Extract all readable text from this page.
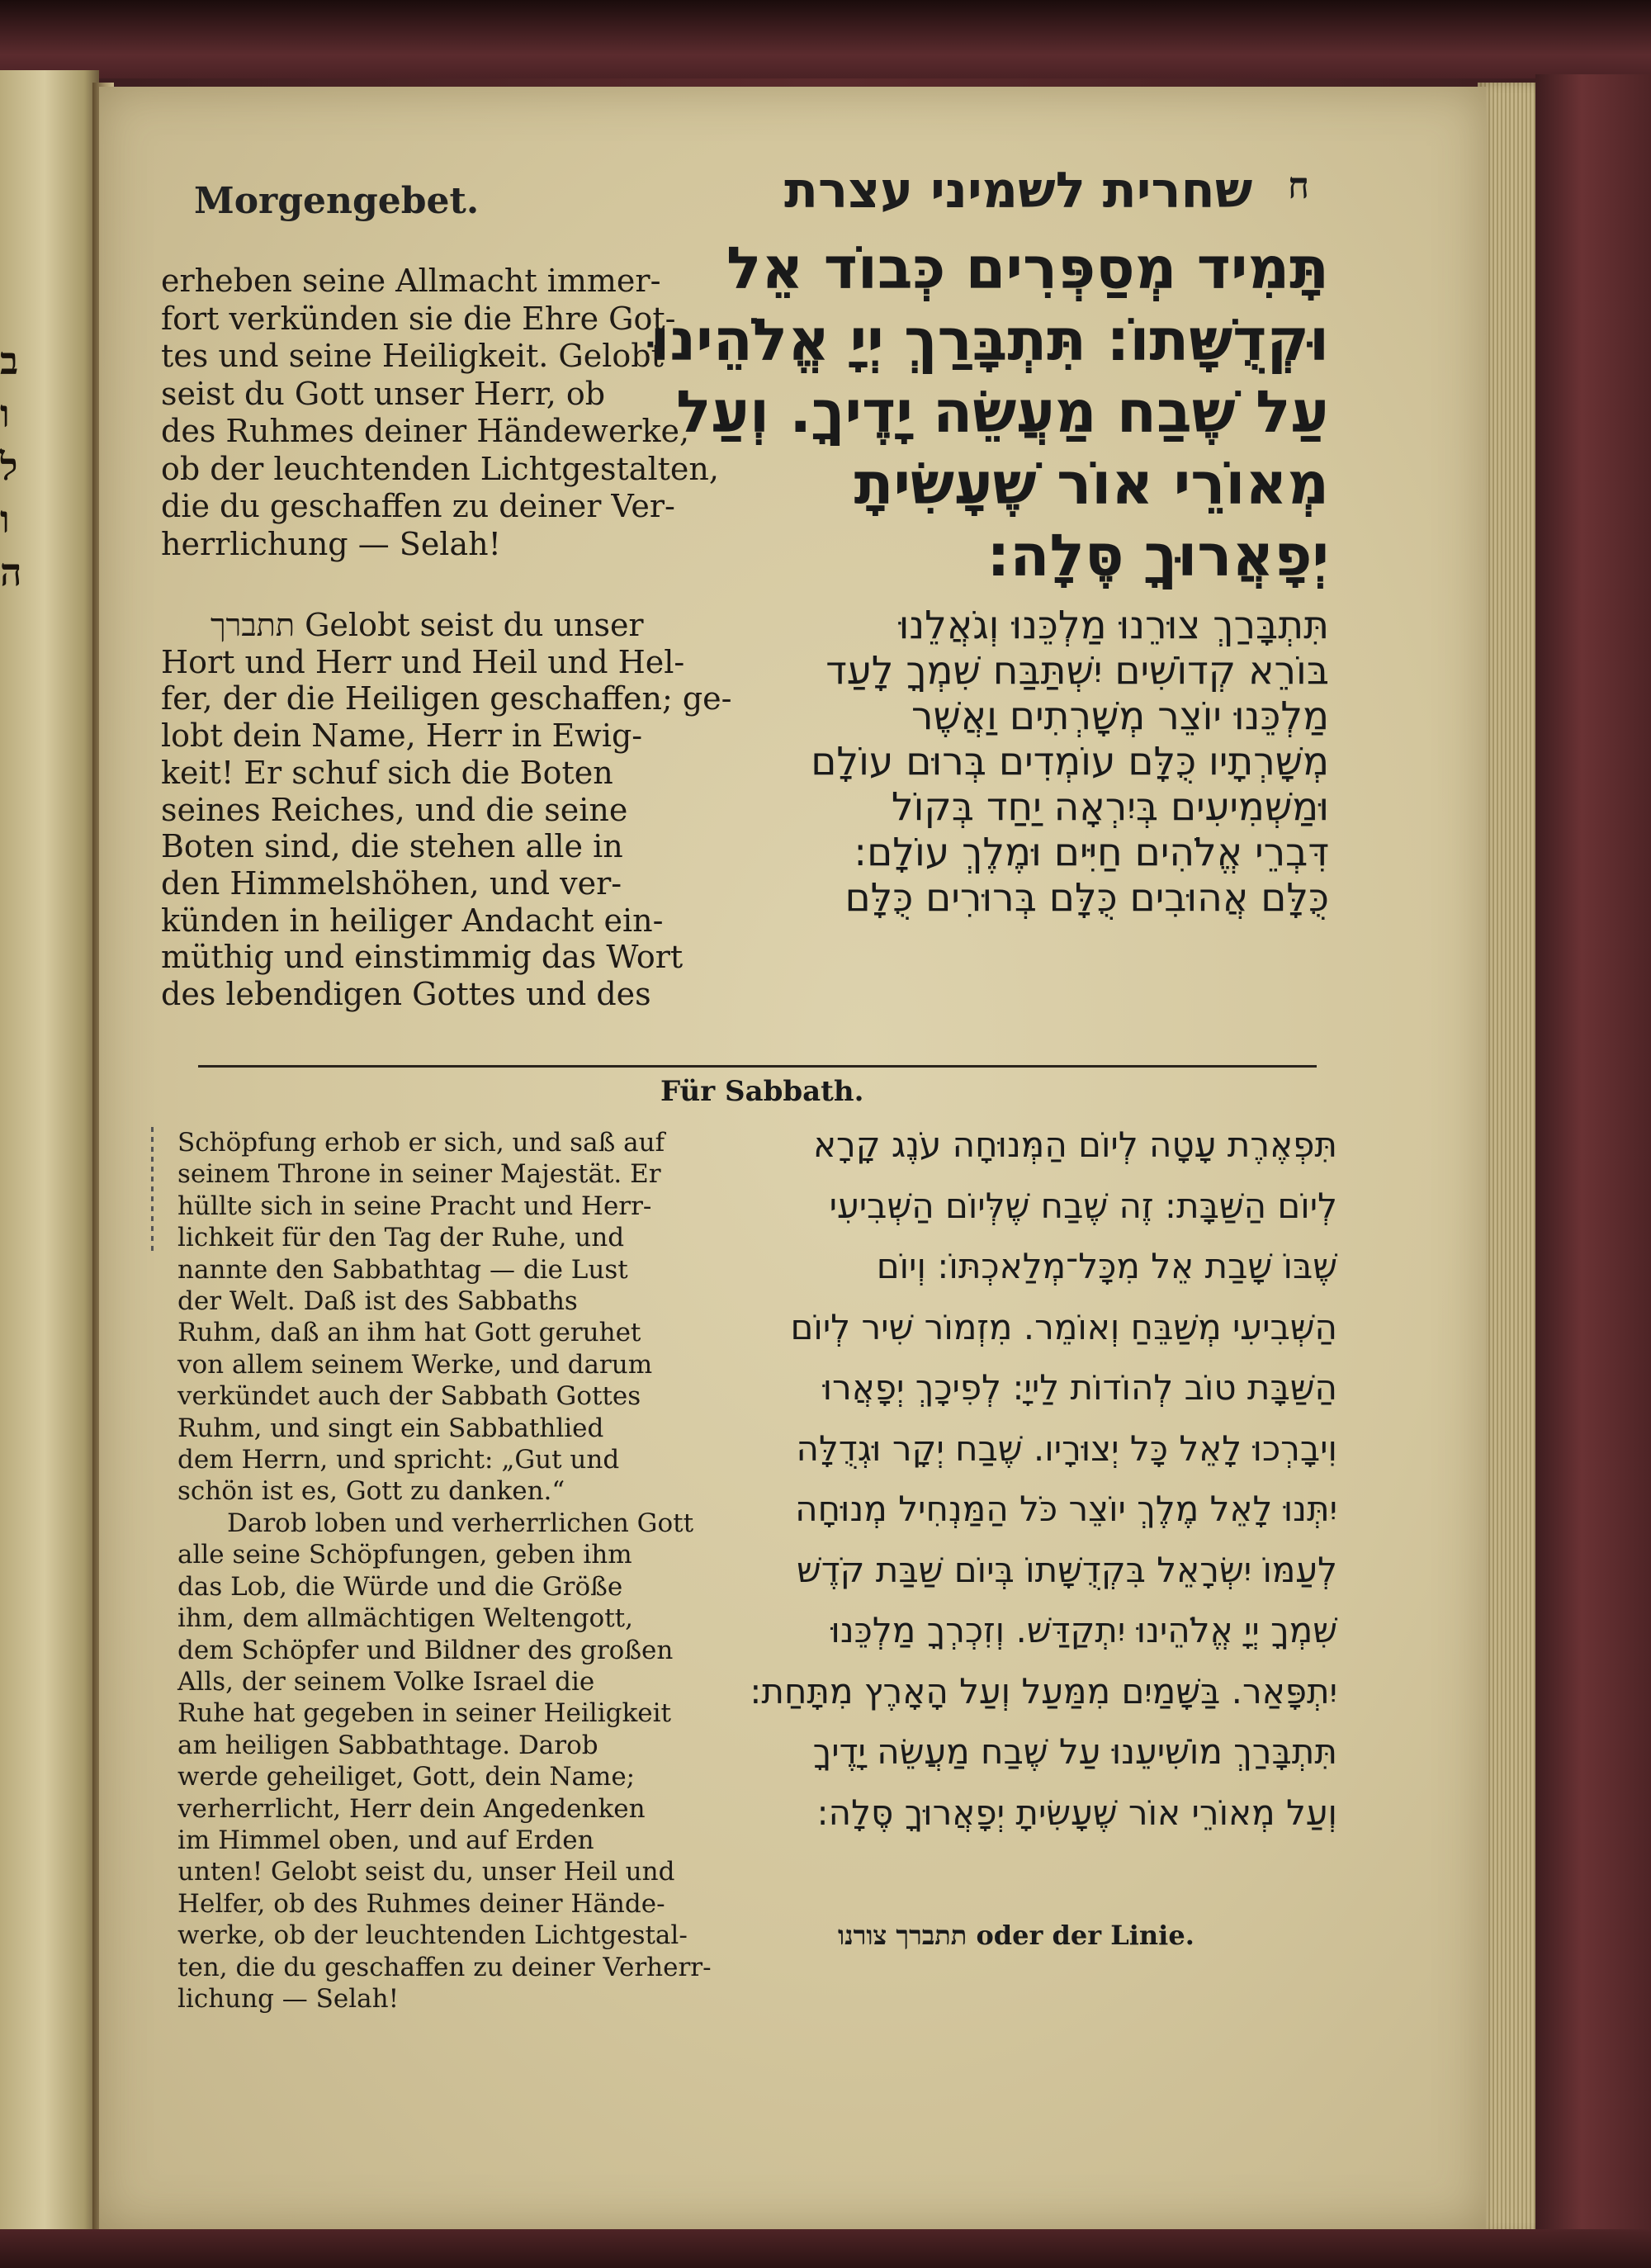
ב
ו
ל
ו
ה
Morgengebet.	שחרית לשמיני עצרת ח
erheben seine Allmacht immer-
fort verkünden sie die Ehre Got-
tes und seine Heiligkeit. Gelobt
seist du Gott unser Herr, ob
des Ruhmes deiner Händewerke,
ob der leuchtenden Lichtgestalten,
die du geschaffen zu deiner Ver-
herrlichung — Selah!
תתברך Gelobt seist du unser
Hort und Herr und Heil und Hel-
fer, der die Heiligen geschaffen; ge-
lobt dein Name, Herr in Ewig-
keit! Er schuf sich die Boten
seines Reiches, und die seine
Boten sind, die stehen alle in
den Himmelshöhen, und ver-
künden in heiliger Andacht ein-
müthig und einstimmig das Wort
des lebendigen Gottes und des
תָּמִיד מְסַפְּרִים כְּבוֹד אֵל
וּקְדֻשָּׁתוֹ: תִּתְבָּרַךְ יְיָ אֱלֹהֵינוּ
עַל שֶׁבַח מַעֲשֵׂה יָדֶיךָ. וְעַל
מְאוֹרֵי אוֹר שֶׁעָשִׂיתָ
יְפָאֲרוּךָ סֶּלָה:
תִּתְבָּרַךְ צוּרֵנוּ מַלְכֵּנוּ וְגֹאֲלֵנוּ
בּוֹרֵא קְדוֹשִׁים יִשְׁתַּבַּח שִׁמְךָ לָעַד
מַלְכֵּנוּ יוֹצֵר מְשָׁרְתִים וַאֲשֶׁר
מְשָׁרְתָיו כֻּלָּם עוֹמְדִים בְּרוּם עוֹלָם
וּמַשְׁמִיעִים בְּיִרְאָה יַחַד בְּקוֹל
דִּבְרֵי אֱלֹהִים חַיִּים וּמֶלֶךְ עוֹלָם:
כֻּלָּם אֲהוּבִים כֻּלָּם בְּרוּרִים כֻּלָּם
Für Sabbath.
Schöpfung erhob er sich, und saß auf
seinem Throne in seiner Majestät. Er
hüllte sich in seine Pracht und Herr-
lichkeit für den Tag der Ruhe, und
nannte den Sabbathtag — die Lust
der Welt. Daß ist des Sabbaths
Ruhm, daß an ihm hat Gott geruhet
von allem seinem Werke, und darum
verkündet auch der Sabbath Gottes
Ruhm, und singt ein Sabbathlied
dem Herrn, und spricht: „Gut und
schön ist es, Gott zu danken.“
Darob loben und verherrlichen Gott
alle seine Schöpfungen, geben ihm
das Lob, die Würde und die Größe
ihm, dem allmächtigen Weltengott,
dem Schöpfer und Bildner des großen
Alls, der seinem Volke Israel die
Ruhe hat gegeben in seiner Heiligkeit
am heiligen Sabbathtage. Darob
werde geheiliget, Gott, dein Name;
verherrlicht, Herr dein Angedenken
im Himmel oben, und auf Erden
unten! Gelobt seist du, unser Heil und
Helfer, ob des Ruhmes deiner Hände-
werke, ob der leuchtenden Lichtgestal-
ten, die du geschaffen zu deiner Verherr-
lichung — Selah!
תִּפְאֶרֶת עָטָה לְיוֹם הַמְּנוּחָה עֹנֶג קָרָא
לְיוֹם הַשַּׁבָּת: זֶה שֶׁבַח שֶׁלְּיוֹם הַשְּׁבִיעִי
שֶׁבּוֹ שָׁבַת אֵל מִכָּל־מְלַאכְתּוֹ: וְיוֹם
הַשְּׁבִיעִי מְשַׁבֵּחַ וְאוֹמֵר. מִזְמוֹר שִׁיר לְיוֹם
הַשַּׁבָּת טוֹב לְהוֹדוֹת לַייָ: לְפִיכָךְ יְפָאֲרוּ
וִיבָרְכוּ לָאֵל כָּל יְצוּרָיו. שֶׁבַח יְקָר וּגְדֻלָּה
יִתְּנוּ לָאֵל מֶלֶךְ יוֹצֵר כֹּל הַמַּנְחִיל מְנוּחָה
לְעַמּוֹ יִשְׂרָאֵל בִּקְדֻשָּׁתוֹ בְּיוֹם שַׁבַּת קֹדֶשׁ
שִׁמְךָ יְיָ אֱלֹהֵינוּ יִתְקַדַּשׁ. וְזִכְרְךָ מַלְכֵּנוּ
יִתְפָּאַר. בַּשָּׁמַיִם מִמַּעַל וְעַל הָאָרֶץ מִתָּחַת:
תִּתְבָּרַךְ מוֹשִׁיעֵנוּ עַל שֶׁבַח מַעֲשֵׂה יָדֶיךָ
וְעַל מְאוֹרֵי אוֹר שֶׁעָשִׂיתָ יְפָאֲרוּךָ סֶּלָה:
תתברך צורנו oder der Linie.
